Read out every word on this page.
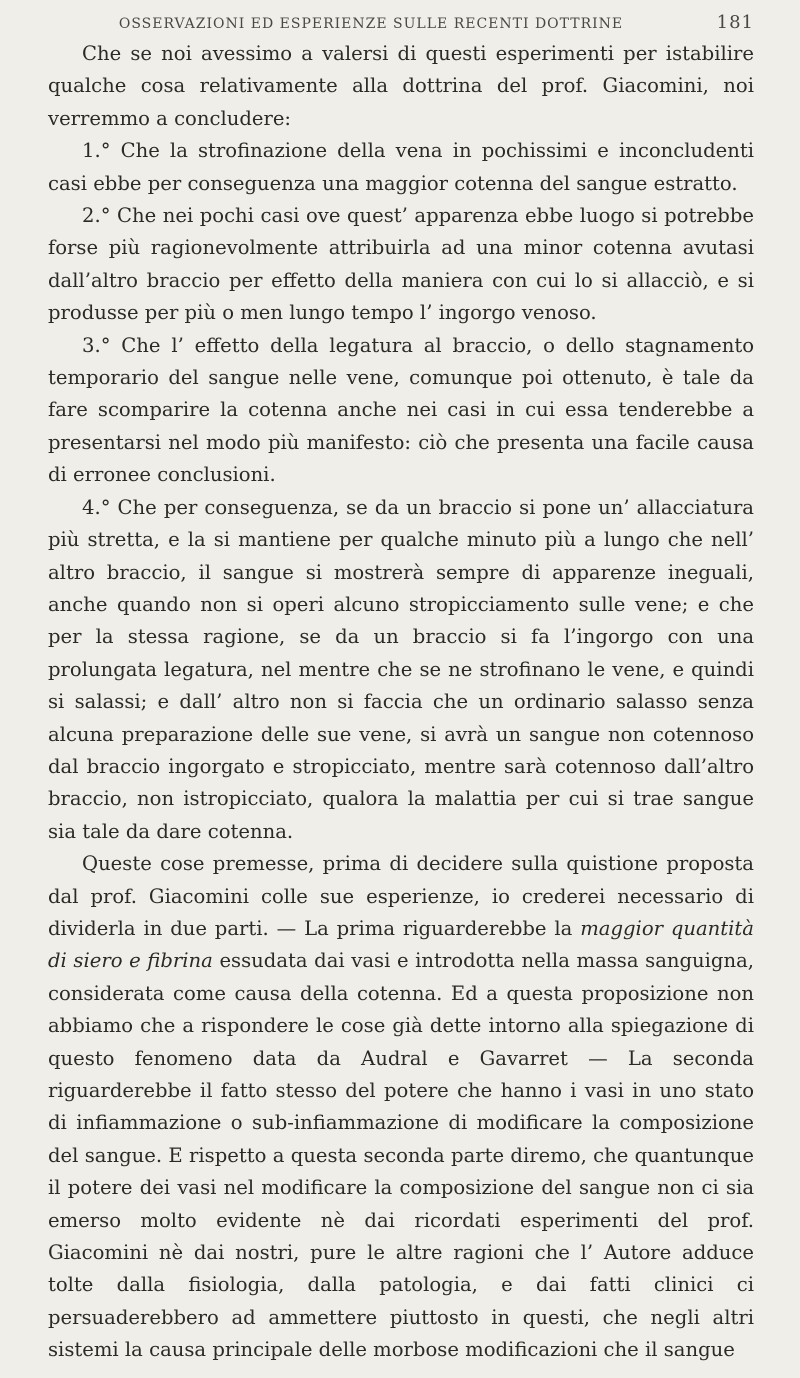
OSSERVAZIONI ED ESPERIENZE SULLE RECENTI DOTTRINE	181

Che se noi avessimo a valersi di questi esperimenti per istabilire qualche cosa relativamente alla dottrina del prof. Giacomini, noi verremmo a concludere:

1.° Che la strofinazione della vena in pochissimi e inconcludenti casi ebbe per conseguenza una maggior cotenna del sangue estratto.

2.° Che nei pochi casi ove quest’ apparenza ebbe luogo si potrebbe forse più ragionevolmente attribuirla ad una minor cotenna avutasi dall’altro braccio per effetto della maniera con cui lo si allacciò, e si produsse per più o men lungo tempo l’ ingorgo venoso.

3.° Che l’ effetto della legatura al braccio, o dello stagnamento temporario del sangue nelle vene, comunque poi ottenuto, è tale da fare scomparire la cotenna anche nei casi in cui essa tenderebbe a presentarsi nel modo più manifesto: ciò che presenta una facile causa di erronee conclusioni.

4.° Che per conseguenza, se da un braccio si pone un’ allacciatura più stretta, e la si mantiene per qualche minuto più a lungo che nell’ altro braccio, il sangue si mostrerà sempre di apparenze ineguali, anche quando non si operi alcuno stropicciamento sulle vene; e che per la stessa ragione, se da un braccio si fa l’ingorgo con una prolungata legatura, nel mentre che se ne strofinano le vene, e quindi si salassi; e dall’ altro non si faccia che un ordinario salasso senza alcuna preparazione delle sue vene, si avrà un sangue non cotennoso dal braccio ingorgato e stropicciato, mentre sarà cotennoso dall’altro braccio, non istropicciato, qualora la malattia per cui si trae sangue sia tale da dare cotenna.

Queste cose premesse, prima di decidere sulla quistione proposta dal prof. Giacomini colle sue esperienze, io crederei necessario di dividerla in due parti. — La prima riguarderebbe la maggior quantità di siero e fibrina essudata dai vasi e introdotta nella massa sanguigna, considerata come causa della cotenna. Ed a questa proposizione non abbiamo che a rispondere le cose già dette intorno alla spiegazione di questo fenomeno data da Audral e Gavarret — La seconda riguarderebbe il fatto stesso del potere che hanno i vasi in uno stato di infiammazione o sub-infiammazione di modificare la composizione del sangue. E rispetto a questa seconda parte diremo, che quantunque il potere dei vasi nel modificare la composizione del sangue non ci sia emerso molto evidente nè dai ricordati esperimenti del prof. Giacomini nè dai nostri, pure le altre ragioni che l’ Autore adduce tolte dalla fisiologia, dalla patologia, e dai fatti clinici ci persuaderebbero ad ammettere piuttosto in questi, che negli altri sistemi la causa principale delle morbose modificazioni che il sangue
